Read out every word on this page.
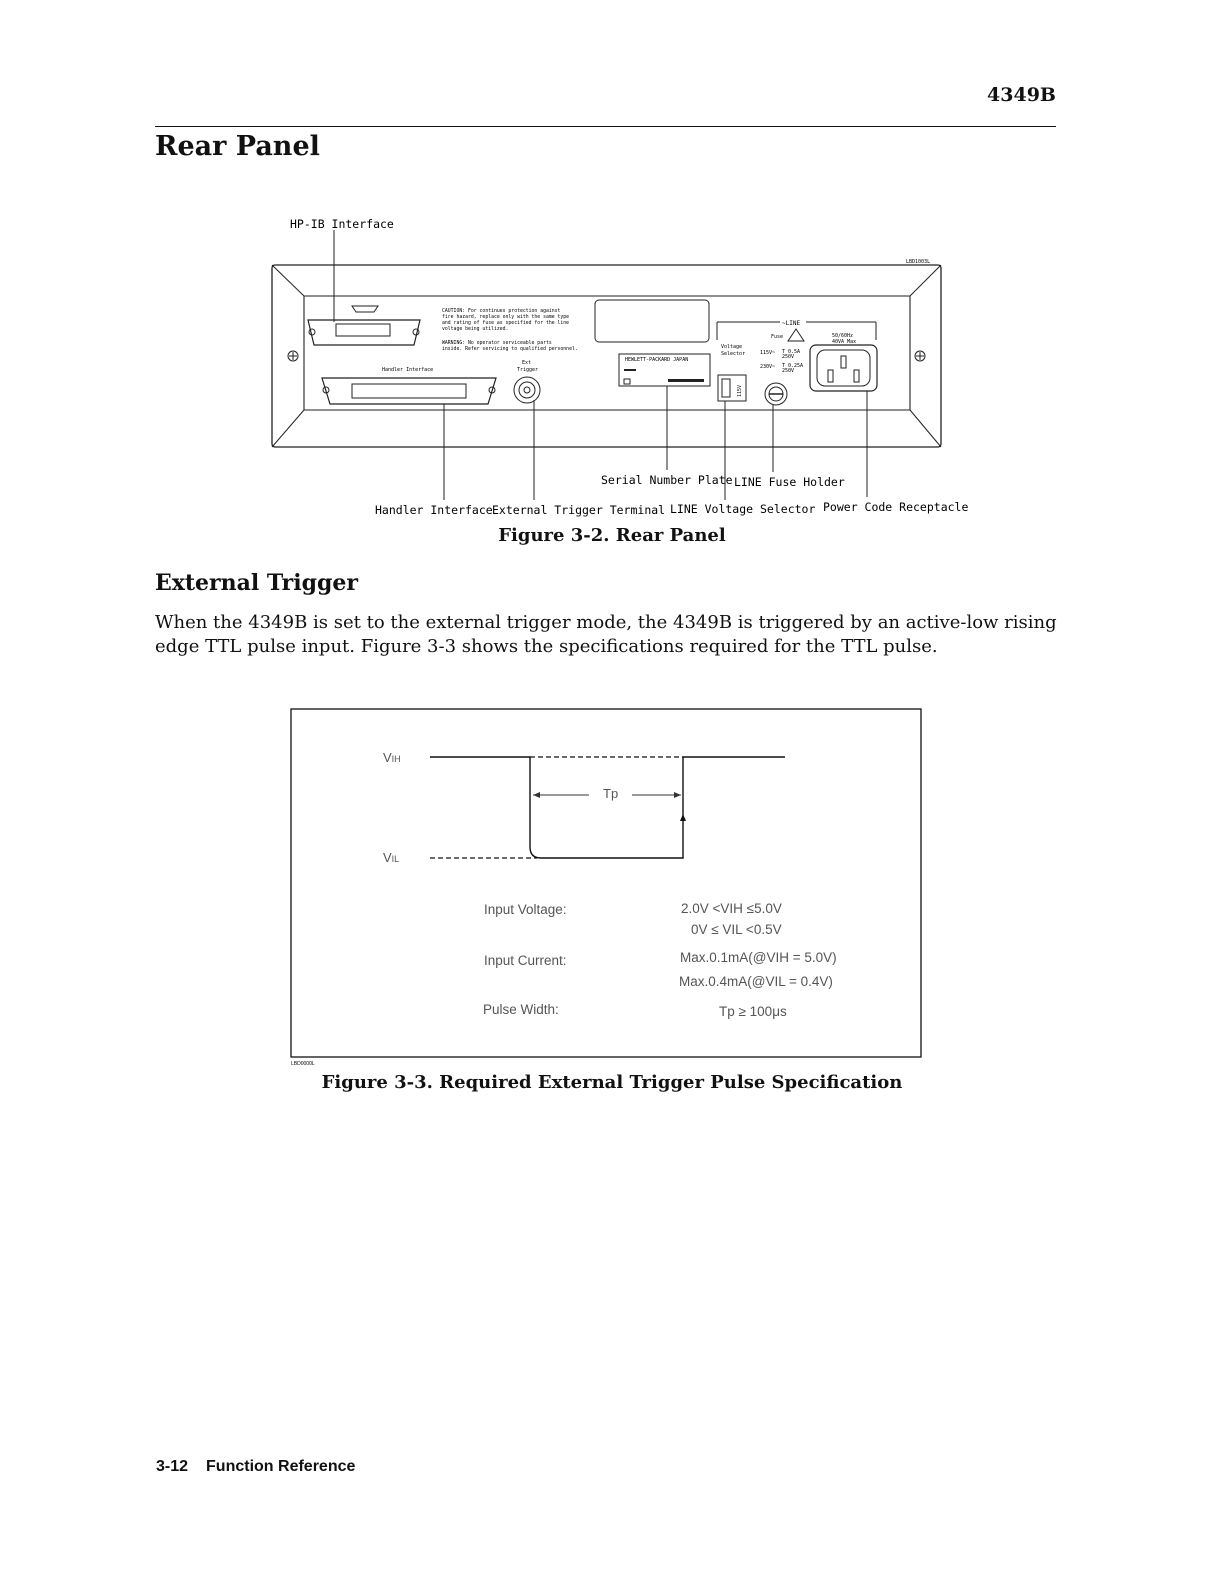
4349B
Rear Panel
HP-IB Interface
LBD1003L
Handler Interface
Ext
Trigger
CAUTION: For continues protection against
fire hazard, replace only with the same type
and rating of fuse as specified for the line
voltage being utilized.
WARNING: No operator serviceable parts
inside. Refer servicing to qualified personnel.
HEWLETT-PACKARD JAPAN
~LINE
Fuse
Voltage
Selector	115V~ T 0.5A
250V
230V~ T 0.25A
250V
50/60Hz
40VA Max
115V
Serial Number Plate LINE Fuse Holder
Handler Interface External Trigger Terminal LINE Voltage Selector Power Code Receptacle
Figure 3-2. Rear Panel
External Trigger
When the 4349B is set to the external trigger mode, the 4349B is triggered by an active-low rising edge TTL pulse input. Figure 3-3 shows the specifications required for the TTL pulse.
LBD0000L
VIH
VIL
Tp
Input Voltage:	2.0V <VIH ≤5.0V
0V ≤ VIL <0.5V
Input Current:	Max.0.1mA(@VIH = 5.0V)
Max.0.4mA(@VIL = 0.4V)
Pulse Width:	Tp ≥ 100μs
Figure 3-3. Required External Trigger Pulse Specification
3-12 Function Reference
